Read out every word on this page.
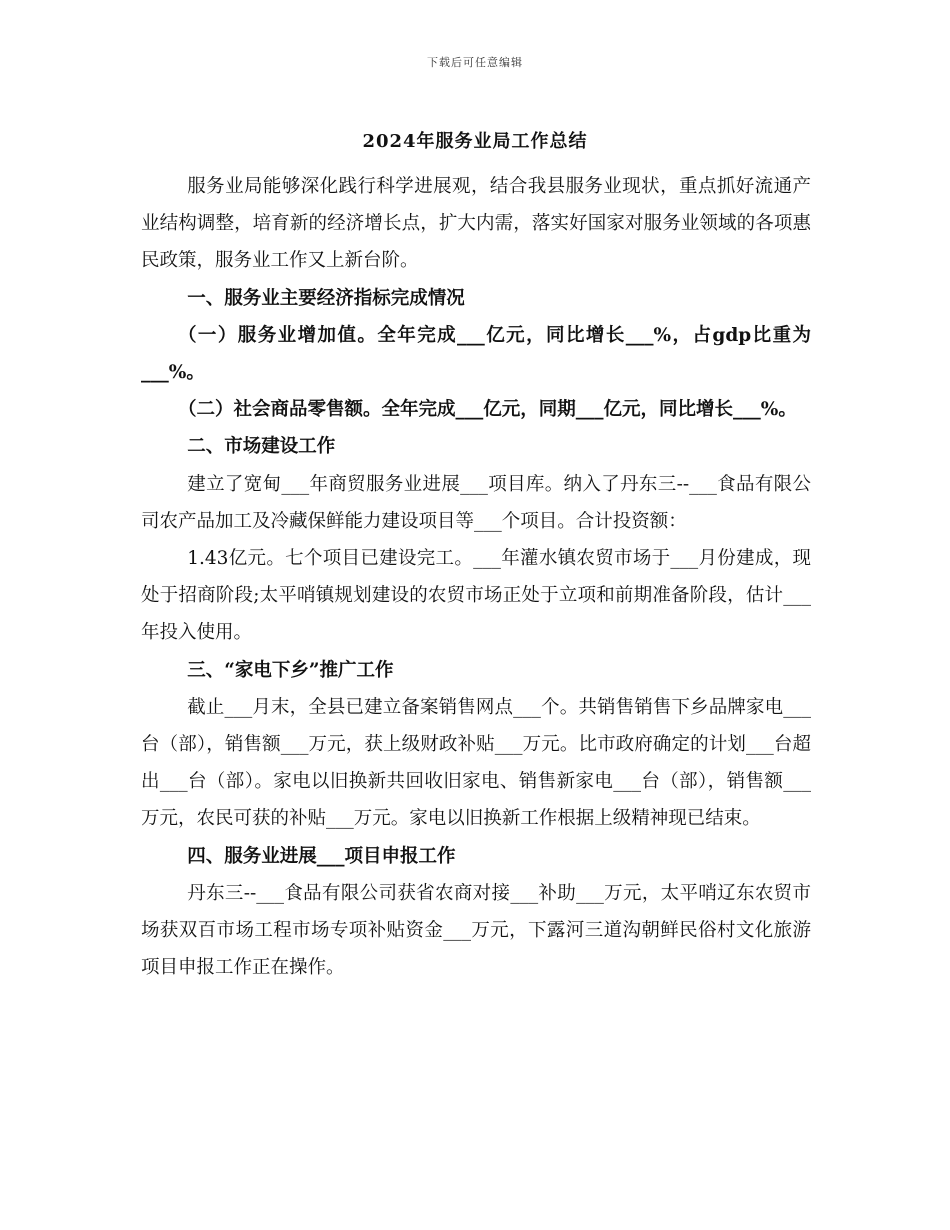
下载后可任意编辑
2024年服务业局工作总结

服务业局能够深化践行科学进展观，结合我县服务业现状，重点抓好流通产业结构调整，培育新的经济增长点，扩大内需，落实好国家对服务业领域的各项惠民政策，服务业工作又上新台阶。

一、服务业主要经济指标完成情况

（一）服务业增加值。全年完成___亿元，同比增长___%，占gdp比重为___%。

（二）社会商品零售额。全年完成___亿元，同期___亿元，同比增长___%。

二、市场建设工作

建立了宽甸___年商贸服务业进展___项目库。纳入了丹东三--___食品有限公司农产品加工及冷藏保鲜能力建设项目等___个项目。合计投资额：

1.43亿元。七个项目已建设完工。___年灌水镇农贸市场于___月份建成，现处于招商阶段;太平哨镇规划建设的农贸市场正处于立项和前期准备阶段，估计___年投入使用。

三、“家电下乡”推广工作

截止___月末，全县已建立备案销售网点___个。共销售销售下乡品牌家电___台（部），销售额___万元，获上级财政补贴___万元。比市政府确定的计划___台超出___台（部）。家电以旧换新共回收旧家电、销售新家电___台（部），销售额___万元，农民可获的补贴___万元。家电以旧换新工作根据上级精神现已结束。

四、服务业进展___项目申报工作

丹东三--___食品有限公司获省农商对接___补助___万元，太平哨辽东农贸市场获双百市场工程市场专项补贴资金___万元，下露河三道沟朝鲜民俗村文化旅游项目申报工作正在操作。
